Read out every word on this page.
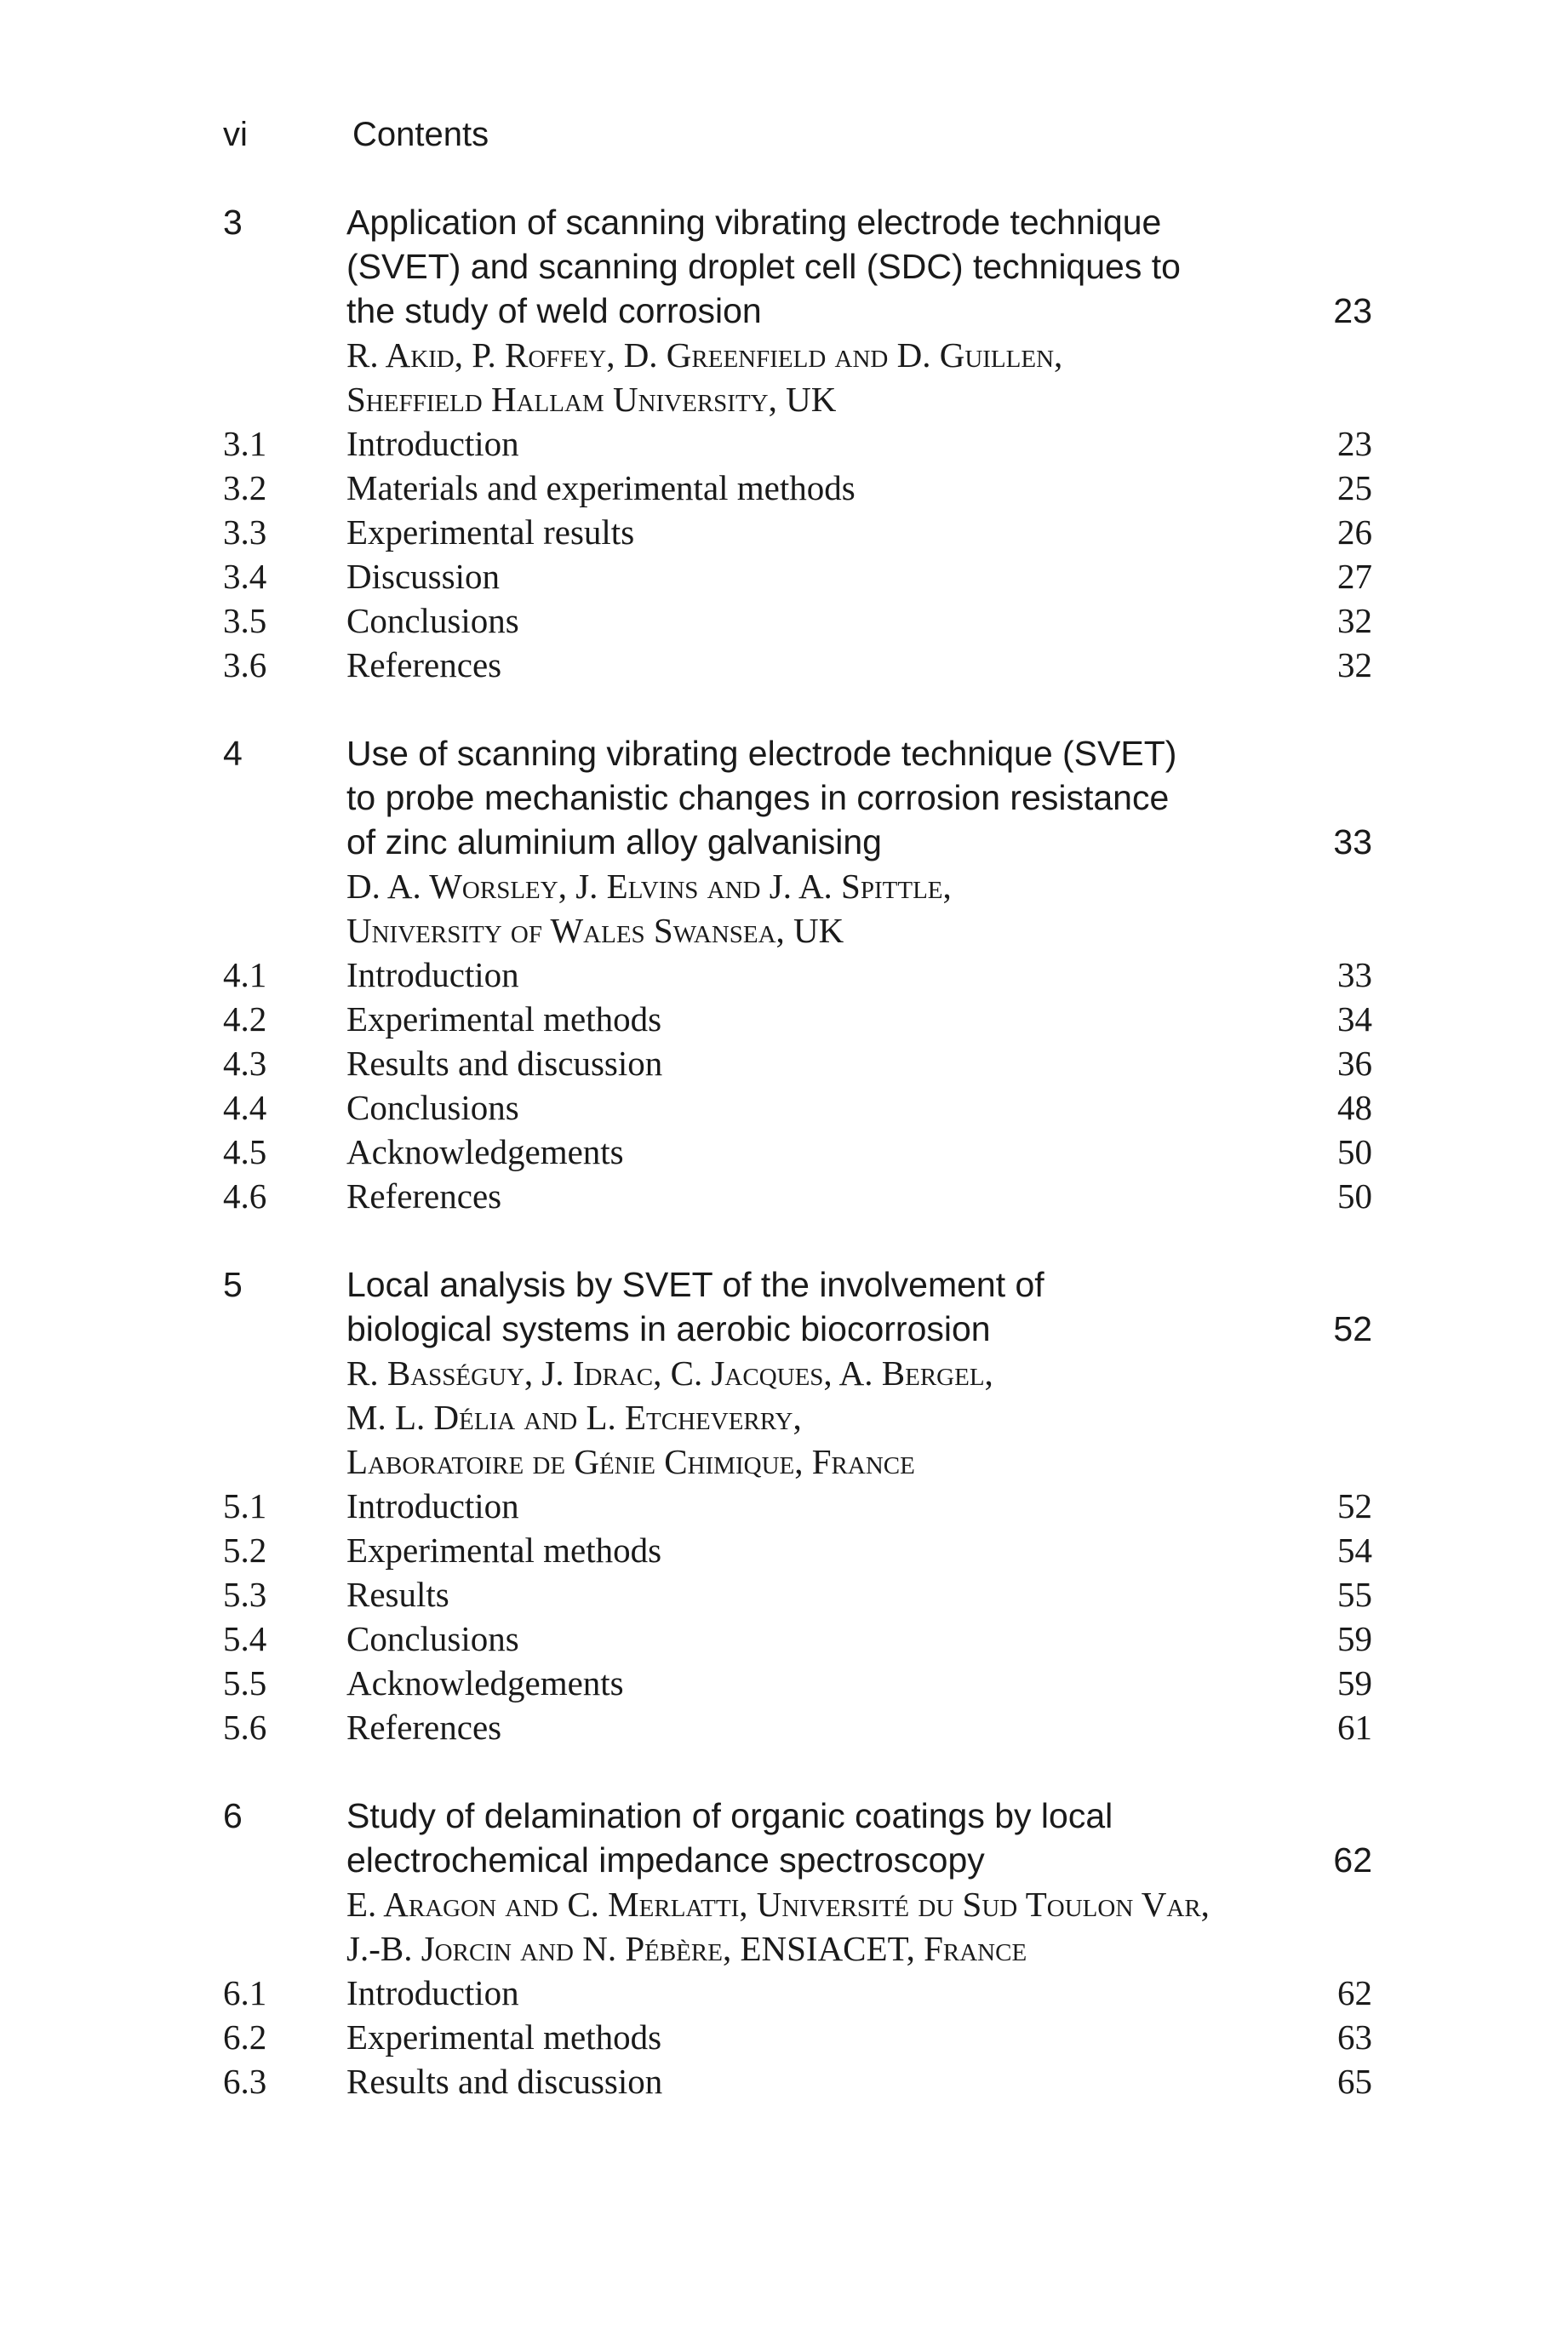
vi	Contents
3	Application of scanning vibrating electrode technique
(SVET) and scanning droplet cell (SDC) techniques to
the study of weld corrosion	23
R. Akid, P. Roffey, D. Greenfield and D. Guillen,
Sheffield Hallam University, UK
3.1 Introduction	23
3.2 Materials and experimental methods	25
3.3 Experimental results	26
3.4 Discussion	27
3.5 Conclusions	32
3.6 References	32
4	Use of scanning vibrating electrode technique (SVET)
to probe mechanistic changes in corrosion resistance
of zinc aluminium alloy galvanising	33
D. A. Worsley, J. Elvins and J. A. Spittle,
University of Wales Swansea, UK
4.1 Introduction	33
4.2 Experimental methods	34
4.3 Results and discussion	36
4.4 Conclusions	48
4.5 Acknowledgements	50
4.6 References	50
5	Local analysis by SVET of the involvement of
biological systems in aerobic biocorrosion	52
R. Basséguy, J. Idrac, C. Jacques, A. Bergel,
M. L. Délia and L. Etcheverry,
Laboratoire de Génie Chimique, France
5.1 Introduction	52
5.2 Experimental methods	54
5.3 Results	55
5.4 Conclusions	59
5.5 Acknowledgements	59
5.6 References	61
6	Study of delamination of organic coatings by local
electrochemical impedance spectroscopy	62
E. Aragon and C. Merlatti, Université du Sud Toulon Var,
J.-B. Jorcin and N. Pébère, ENSIACET, France
6.1 Introduction	62
6.2 Experimental methods	63
6.3 Results and discussion	65
